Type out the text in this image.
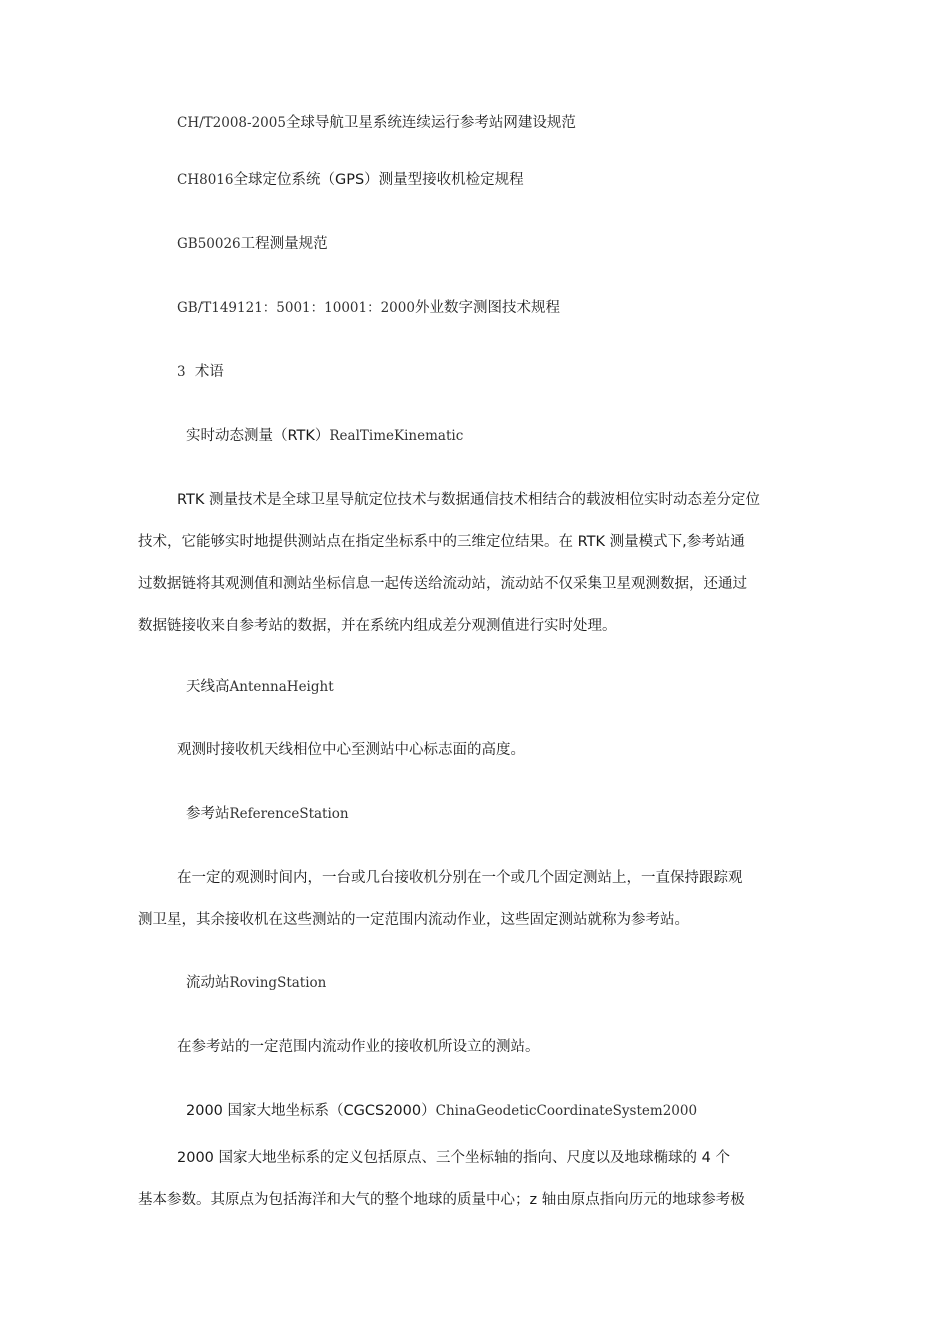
CH/T2008-2005全球导航卫星系统连续运行参考站网建设规范
CH8016全球定位系统（GPS）测量型接收机检定规程
GB50026工程测量规范
GB/T149121：5001：10001：2000外业数字测图技术规程
3 术语
实时动态测量（RTK）RealTimeKinematic
RTK 测量技术是全球卫星导航定位技术与数据通信技术相结合的载波相位实时动态差分定位
技术，它能够实时地提供测站点在指定坐标系中的三维定位结果。在 RTK 测量模式下,参考站通
过数据链将其观测值和测站坐标信息一起传送给流动站，流动站不仅采集卫星观测数据，还通过
数据链接收来自参考站的数据，并在系统内组成差分观测值进行实时处理。
天线高AntennaHeight
观测时接收机天线相位中心至测站中心标志面的高度。
参考站ReferenceStation
在一定的观测时间内，一台或几台接收机分别在一个或几个固定测站上，一直保持跟踪观
测卫星，其余接收机在这些测站的一定范围内流动作业，这些固定测站就称为参考站。
流动站RovingStation
在参考站的一定范围内流动作业的接收机所设立的测站。
2000 国家大地坐标系（CGCS2000）ChinaGeodeticCoordinateSystem2000
2000 国家大地坐标系的定义包括原点、三个坐标轴的指向、尺度以及地球椭球的 4 个
基本参数。其原点为包括海洋和大气的整个地球的质量中心；z 轴由原点指向历元的地球参考极
